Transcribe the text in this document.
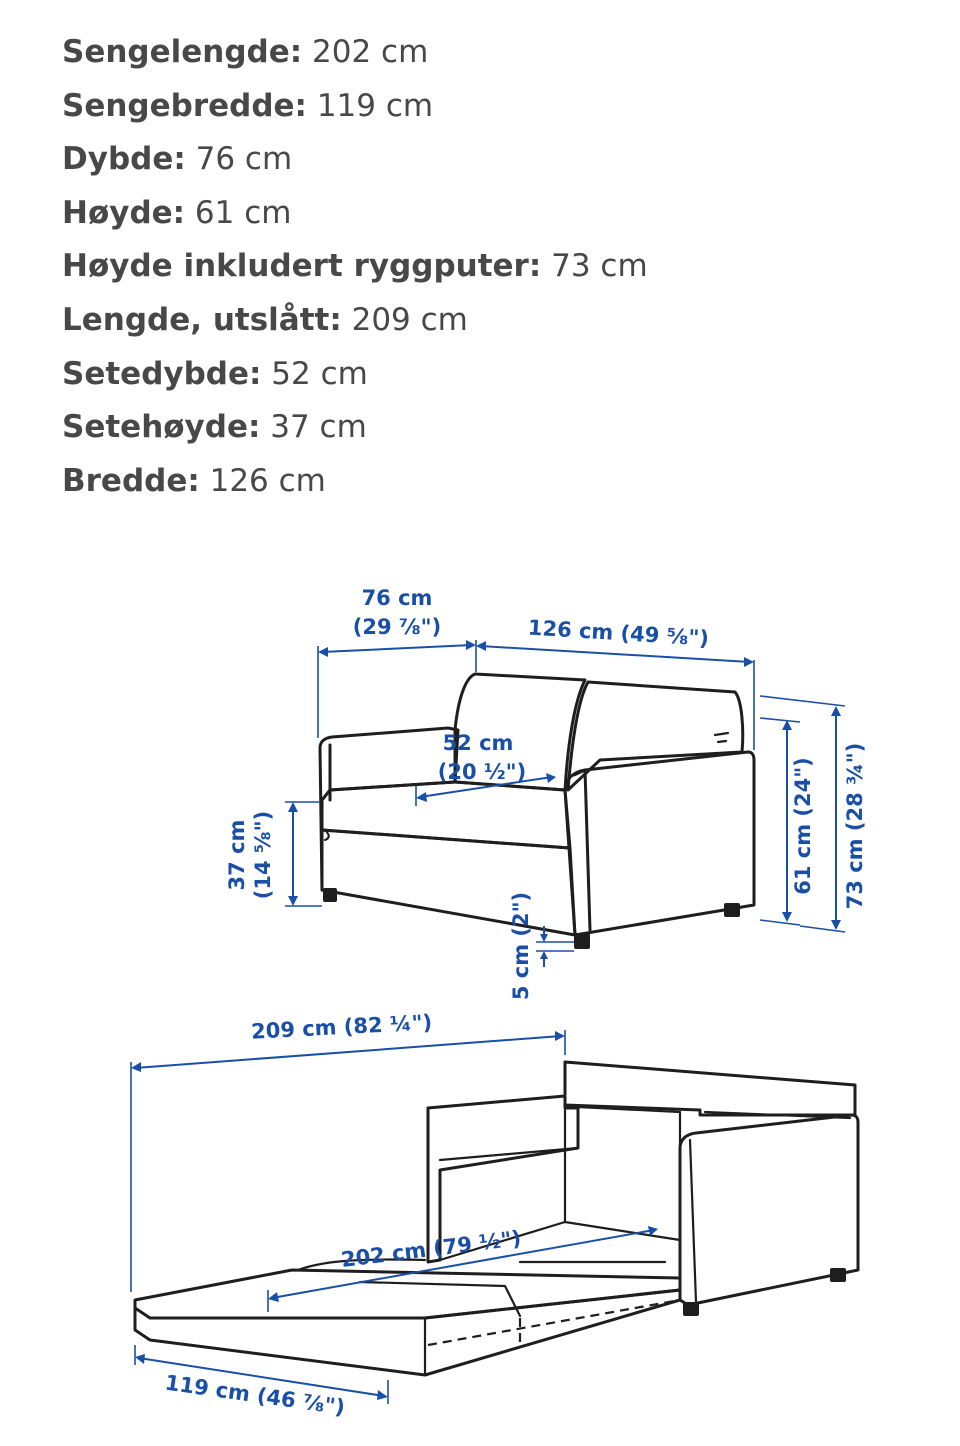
Sengelengde: 202 cm
Sengebredde: 119 cm
Dybde: 76 cm
Høyde: 61 cm
Høyde inkludert ryggputer: 73 cm
Lengde, utslått: 209 cm
Setedybde: 52 cm
Setehøyde: 37 cm
Bredde: 126 cm
76 cm
(29 ⅞")	126 cm (49 ⅝")
52 cm
(20 ½")
37 cm (14 ⅝")	61 cm (24") 73 cm (28 ¾")
5 cm (2")
209 cm (82 ¼")
202 cm (79 ½")
119 cm (46 ⅞")
